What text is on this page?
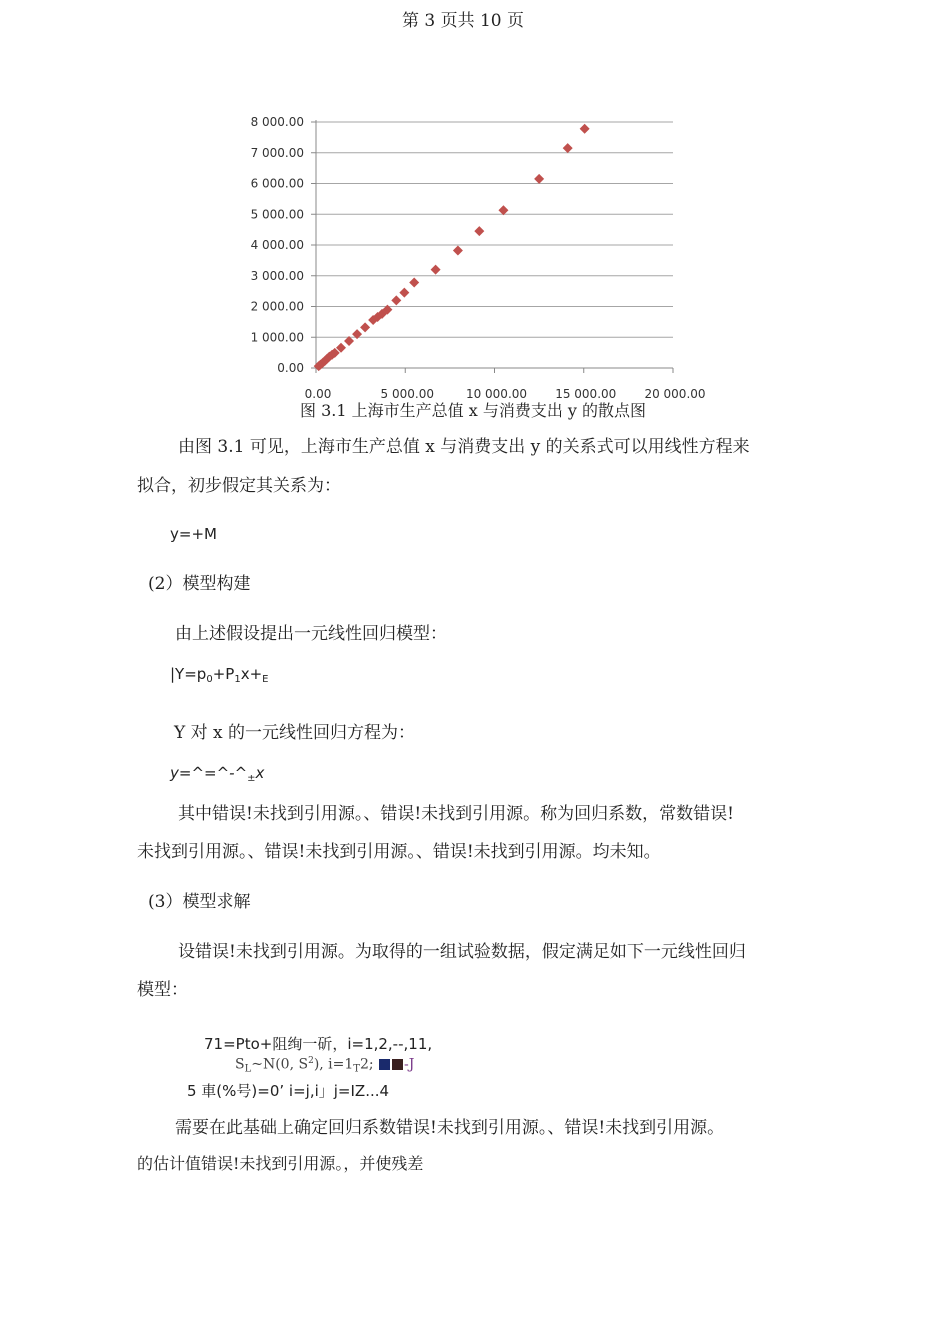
第 3 页共 10 页
0.00
1 000.00
2 000.00
3 000.00
4 000.00
5 000.00
6 000.00
7 000.00
8 000.00
0.00	5 000.00	10 000.00 15 000.00 20 000.00
图 3.1 上海市生产总值 x 与消费支出 y 的散点图
由图 3.1 可见，上海市生产总值 x 与消费支出 y 的关系式可以用线性方程来
拟合，初步假定其关系为：
y=+M
(2）模型构建
由上述假设提出一元线性回归模型：
$|Y=p_0+P_1x+_E$
Y 对 x 的一元线性回归方程为：
$y=\^{}=\^{}-\^{}_\pm x$
其中错误!未找到引用源。、错误!未找到引用源。称为回归系数，常数错误!
未找到引用源。、错误!未找到引用源。、错误!未找到引用源。均未知。
(3）模型求解
设错误!未找到引用源。为取得的一组试验数据，假定满足如下一元线性回归
模型：
71=Pto+阻绚一斫，i=1,2,--,11,
$S_L\sim N(0$, $S^2$), $i=1_T2$; -J
5 車(%号)=0’ i=j,i」j=IZ...4
需要在此基础上确定回归系数错误!未找到引用源。、错误!未找到引用源。
的估计值错误!未找到引用源。，并使残差
